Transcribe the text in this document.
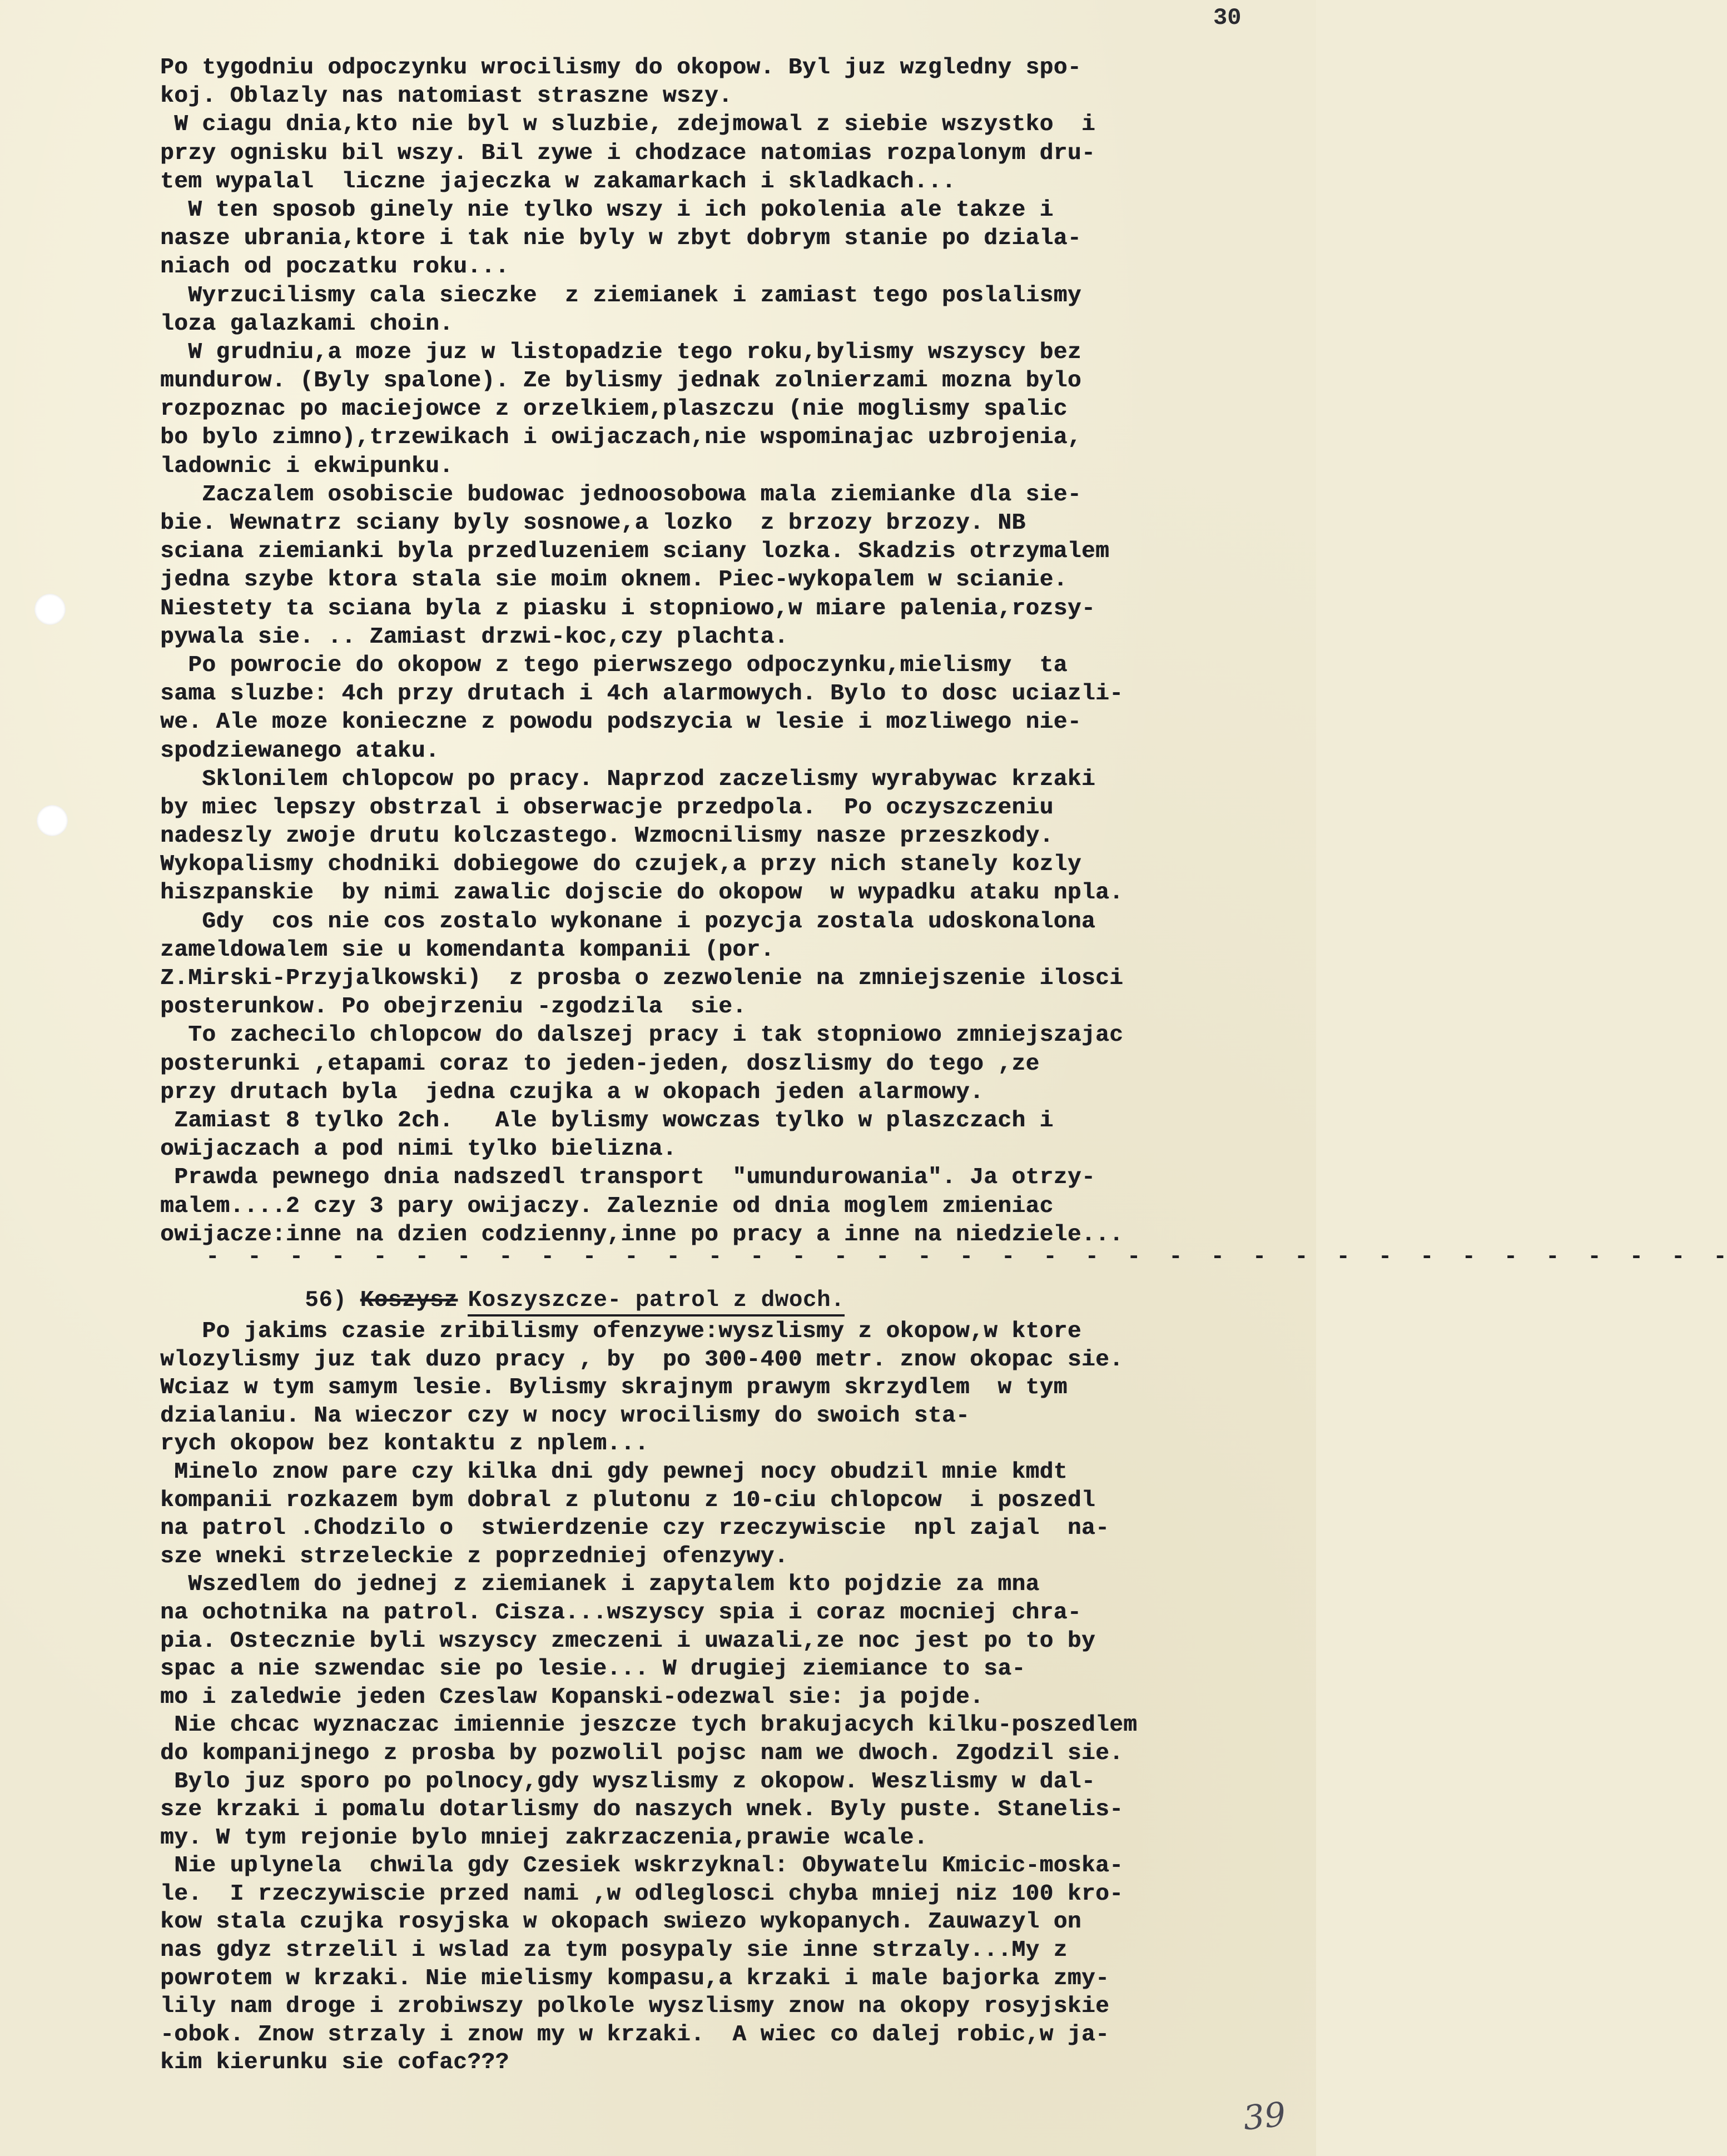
30
Po tygodniu odpoczynku wrocilismy do okopow. Byl juz wzgledny spo-
koj. Oblazly nas natomiast straszne wszy.
W ciagu dnia,kto nie byl w sluzbie, zdejmowal z siebie wszystko  i
przy ognisku bil wszy. Bil zywe i chodzace natomias rozpalonym dru-
tem wypalal  liczne jajeczka w zakamarkach i skladkach...
W ten sposob ginely nie tylko wszy i ich pokolenia ale takze i
nasze ubrania,ktore i tak nie byly w zbyt dobrym stanie po dziala-
niach od poczatku roku...
Wyrzucilismy cala sieczke  z ziemianek i zamiast tego poslalismy
loza galazkami choin.
W grudniu,a moze juz w listopadzie tego roku,bylismy wszyscy bez
mundurow. (Byly spalone). Ze bylismy jednak zolnierzami mozna bylo
rozpoznac po maciejowce z orzelkiem,plaszczu (nie moglismy spalic
bo bylo zimno),trzewikach i owijaczach,nie wspominajac uzbrojenia,
ladownic i ekwipunku.
Zaczalem osobiscie budowac jednoosobowa mala ziemianke dla sie-
bie. Wewnatrz sciany byly sosnowe,a lozko  z brzozy brzozy. NB
sciana ziemianki byla przedluzeniem sciany lozka. Skadzis otrzymalem
jedna szybe ktora stala sie moim oknem. Piec-wykopalem w scianie.
Niestety ta sciana byla z piasku i stopniowo,w miare palenia,rozsy-
pywala sie. .. Zamiast drzwi-koc,czy plachta.
Po powrocie do okopow z tego pierwszego odpoczynku,mielismy  ta
sama sluzbe: 4ch przy drutach i 4ch alarmowych. Bylo to dosc uciazli-
we. Ale moze konieczne z powodu podszycia w lesie i mozliwego nie-
spodziewanego ataku.
Sklonilem chlopcow po pracy. Naprzod zaczelismy wyrabywac krzaki
by miec lepszy obstrzal i obserwacje przedpola.  Po oczyszczeniu
nadeszly zwoje drutu kolczastego. Wzmocnilismy nasze przeszkody.
Wykopalismy chodniki dobiegowe do czujek,a przy nich stanely kozly
hiszpanskie  by nimi zawalic dojscie do okopow  w wypadku ataku npla.
Gdy  cos nie cos zostalo wykonane i pozycja zostala udoskonalona
zameldowalem sie u komendanta kompanii (por.
Z.Mirski-Przyjalkowski)  z prosba o zezwolenie na zmniejszenie ilosci
posterunkow. Po obejrzeniu -zgodzila  sie.
To zachecilo chlopcow do dalszej pracy i tak stopniowo zmniejszajac
posterunki ,etapami coraz to jeden-jeden, doszlismy do tego ,ze
przy drutach byla  jedna czujka a w okopach jeden alarmowy.
Zamiast 8 tylko 2ch.   Ale bylismy wowczas tylko w plaszczach i
owijaczach a pod nimi tylko bielizna.
Prawda pewnego dnia nadszedl transport  "umundurowania". Ja otrzy-
malem....2 czy 3 pary owijaczy. Zaleznie od dnia moglem zmieniac
owijacze:inne na dzien codzienny,inne po pracy a inne na niedziele...
-  -  -  -  -  -  -  -  -  -  -  -  -  -  -  -  -  -  -  -  -  -  -  -  -  -  -  -  -  -  -  -  -  -  -  -  -

56) Koszysz Koszyszcze- patrol z dwoch.

Po jakims czasie zribilismy ofenzywe:wyszlismy z okopow,w ktore
wlozylismy juz tak duzo pracy , by  po 300-400 metr. znow okopac sie.
Wciaz w tym samym lesie. Bylismy skrajnym prawym skrzydlem  w tym
dzialaniu. Na wieczor czy w nocy wrocilismy do swoich sta-
rych okopow bez kontaktu z nplem...
Minelo znow pare czy kilka dni gdy pewnej nocy obudzil mnie kmdt
kompanii rozkazem bym dobral z plutonu z 10-ciu chlopcow  i poszedl
na patrol .Chodzilo o  stwierdzenie czy rzeczywiscie  npl zajal  na-
sze wneki strzeleckie z poprzedniej ofenzywy.
Wszedlem do jednej z ziemianek i zapytalem kto pojdzie za mna
na ochotnika na patrol. Cisza...wszyscy spia i coraz mocniej chra-
pia. Ostecznie byli wszyscy zmeczeni i uwazali,ze noc jest po to by
spac a nie szwendac sie po lesie... W drugiej ziemiance to sa-
mo i zaledwie jeden Czeslaw Kopanski-odezwal sie: ja pojde.
Nie chcac wyznaczac imiennie jeszcze tych brakujacych kilku-poszedlem
do kompanijnego z prosba by pozwolil pojsc nam we dwoch. Zgodzil sie.
Bylo juz sporo po polnocy,gdy wyszlismy z okopow. Weszlismy w dal-
sze krzaki i pomalu dotarlismy do naszych wnek. Byly puste. Stanelis-
my. W tym rejonie bylo mniej zakrzaczenia,prawie wcale.
Nie uplynela  chwila gdy Czesiek wskrzyknal: Obywatelu Kmicic-moska-
le.  I rzeczywiscie przed nami ,w odleglosci chyba mniej niz 100 kro-
kow stala czujka rosyjska w okopach swiezo wykopanych. Zauwazyl on
nas gdyz strzelil i wslad za tym posypaly sie inne strzaly...My z
powrotem w krzaki. Nie mielismy kompasu,a krzaki i male bajorka zmy-
lily nam droge i zrobiwszy polkole wyszlismy znow na okopy rosyjskie
-obok. Znow strzaly i znow my w krzaki.  A wiec co dalej robic,w ja-
kim kierunku sie cofac???
39
